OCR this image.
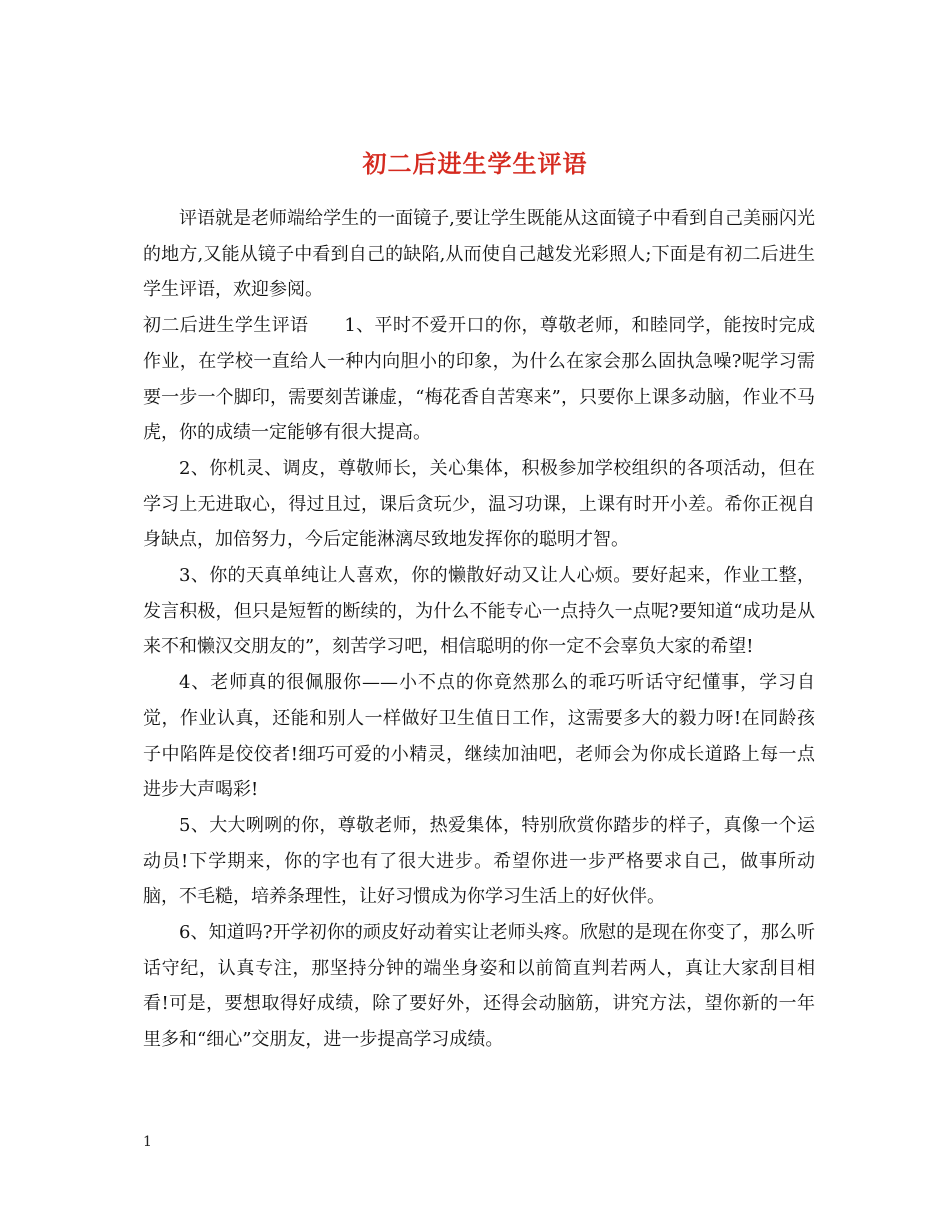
初二后进生学生评语

评语就是老师端给学生的一面镜子,要让学生既能从这面镜子中看到自己美丽闪光的地方,又能从镜子中看到自己的缺陷,从而使自己越发光彩照人;下面是有初二后进生学生评语，欢迎参阅。

初二后进生学生评语 1、平时不爱开口的你，尊敬老师，和睦同学，能按时完成作业，在学校一直给人一种内向胆小的印象，为什么在家会那么固执急噪?呢学习需要一步一个脚印，需要刻苦谦虚，“梅花香自苦寒来”，只要你上课多动脑，作业不马虎，你的成绩一定能够有很大提高。

2、你机灵、调皮，尊敬师长，关心集体，积极参加学校组织的各项活动，但在学习上无进取心，得过且过，课后贪玩少，温习功课，上课有时开小差。希你正视自身缺点，加倍努力，今后定能淋漓尽致地发挥你的聪明才智。

3、你的天真单纯让人喜欢，你的懒散好动又让人心烦。要好起来，作业工整，发言积极，但只是短暂的断续的，为什么不能专心一点持久一点呢?要知道“成功是从来不和懒汉交朋友的”，刻苦学习吧，相信聪明的你一定不会辜负大家的希望!

4、老师真的很佩服你——小不点的你竟然那么的乖巧听话守纪懂事，学习自觉，作业认真，还能和别人一样做好卫生值日工作，这需要多大的毅力呀!在同龄孩子中陷阵是佼佼者!细巧可爱的小精灵，继续加油吧，老师会为你成长道路上每一点进步大声喝彩!

5、大大咧咧的你，尊敬老师，热爱集体，特别欣赏你踏步的样子，真像一个运动员!下学期来，你的字也有了很大进步。希望你进一步严格要求自己，做事所动脑，不毛糙，培养条理性，让好习惯成为你学习生活上的好伙伴。

6、知道吗?开学初你的顽皮好动着实让老师头疼。欣慰的是现在你变了，那么听话守纪，认真专注，那坚持分钟的端坐身姿和以前简直判若两人，真让大家刮目相看!可是，要想取得好成绩，除了要好外，还得会动脑筋，讲究方法，望你新的一年里多和“细心”交朋友，进一步提高学习成绩。

1
